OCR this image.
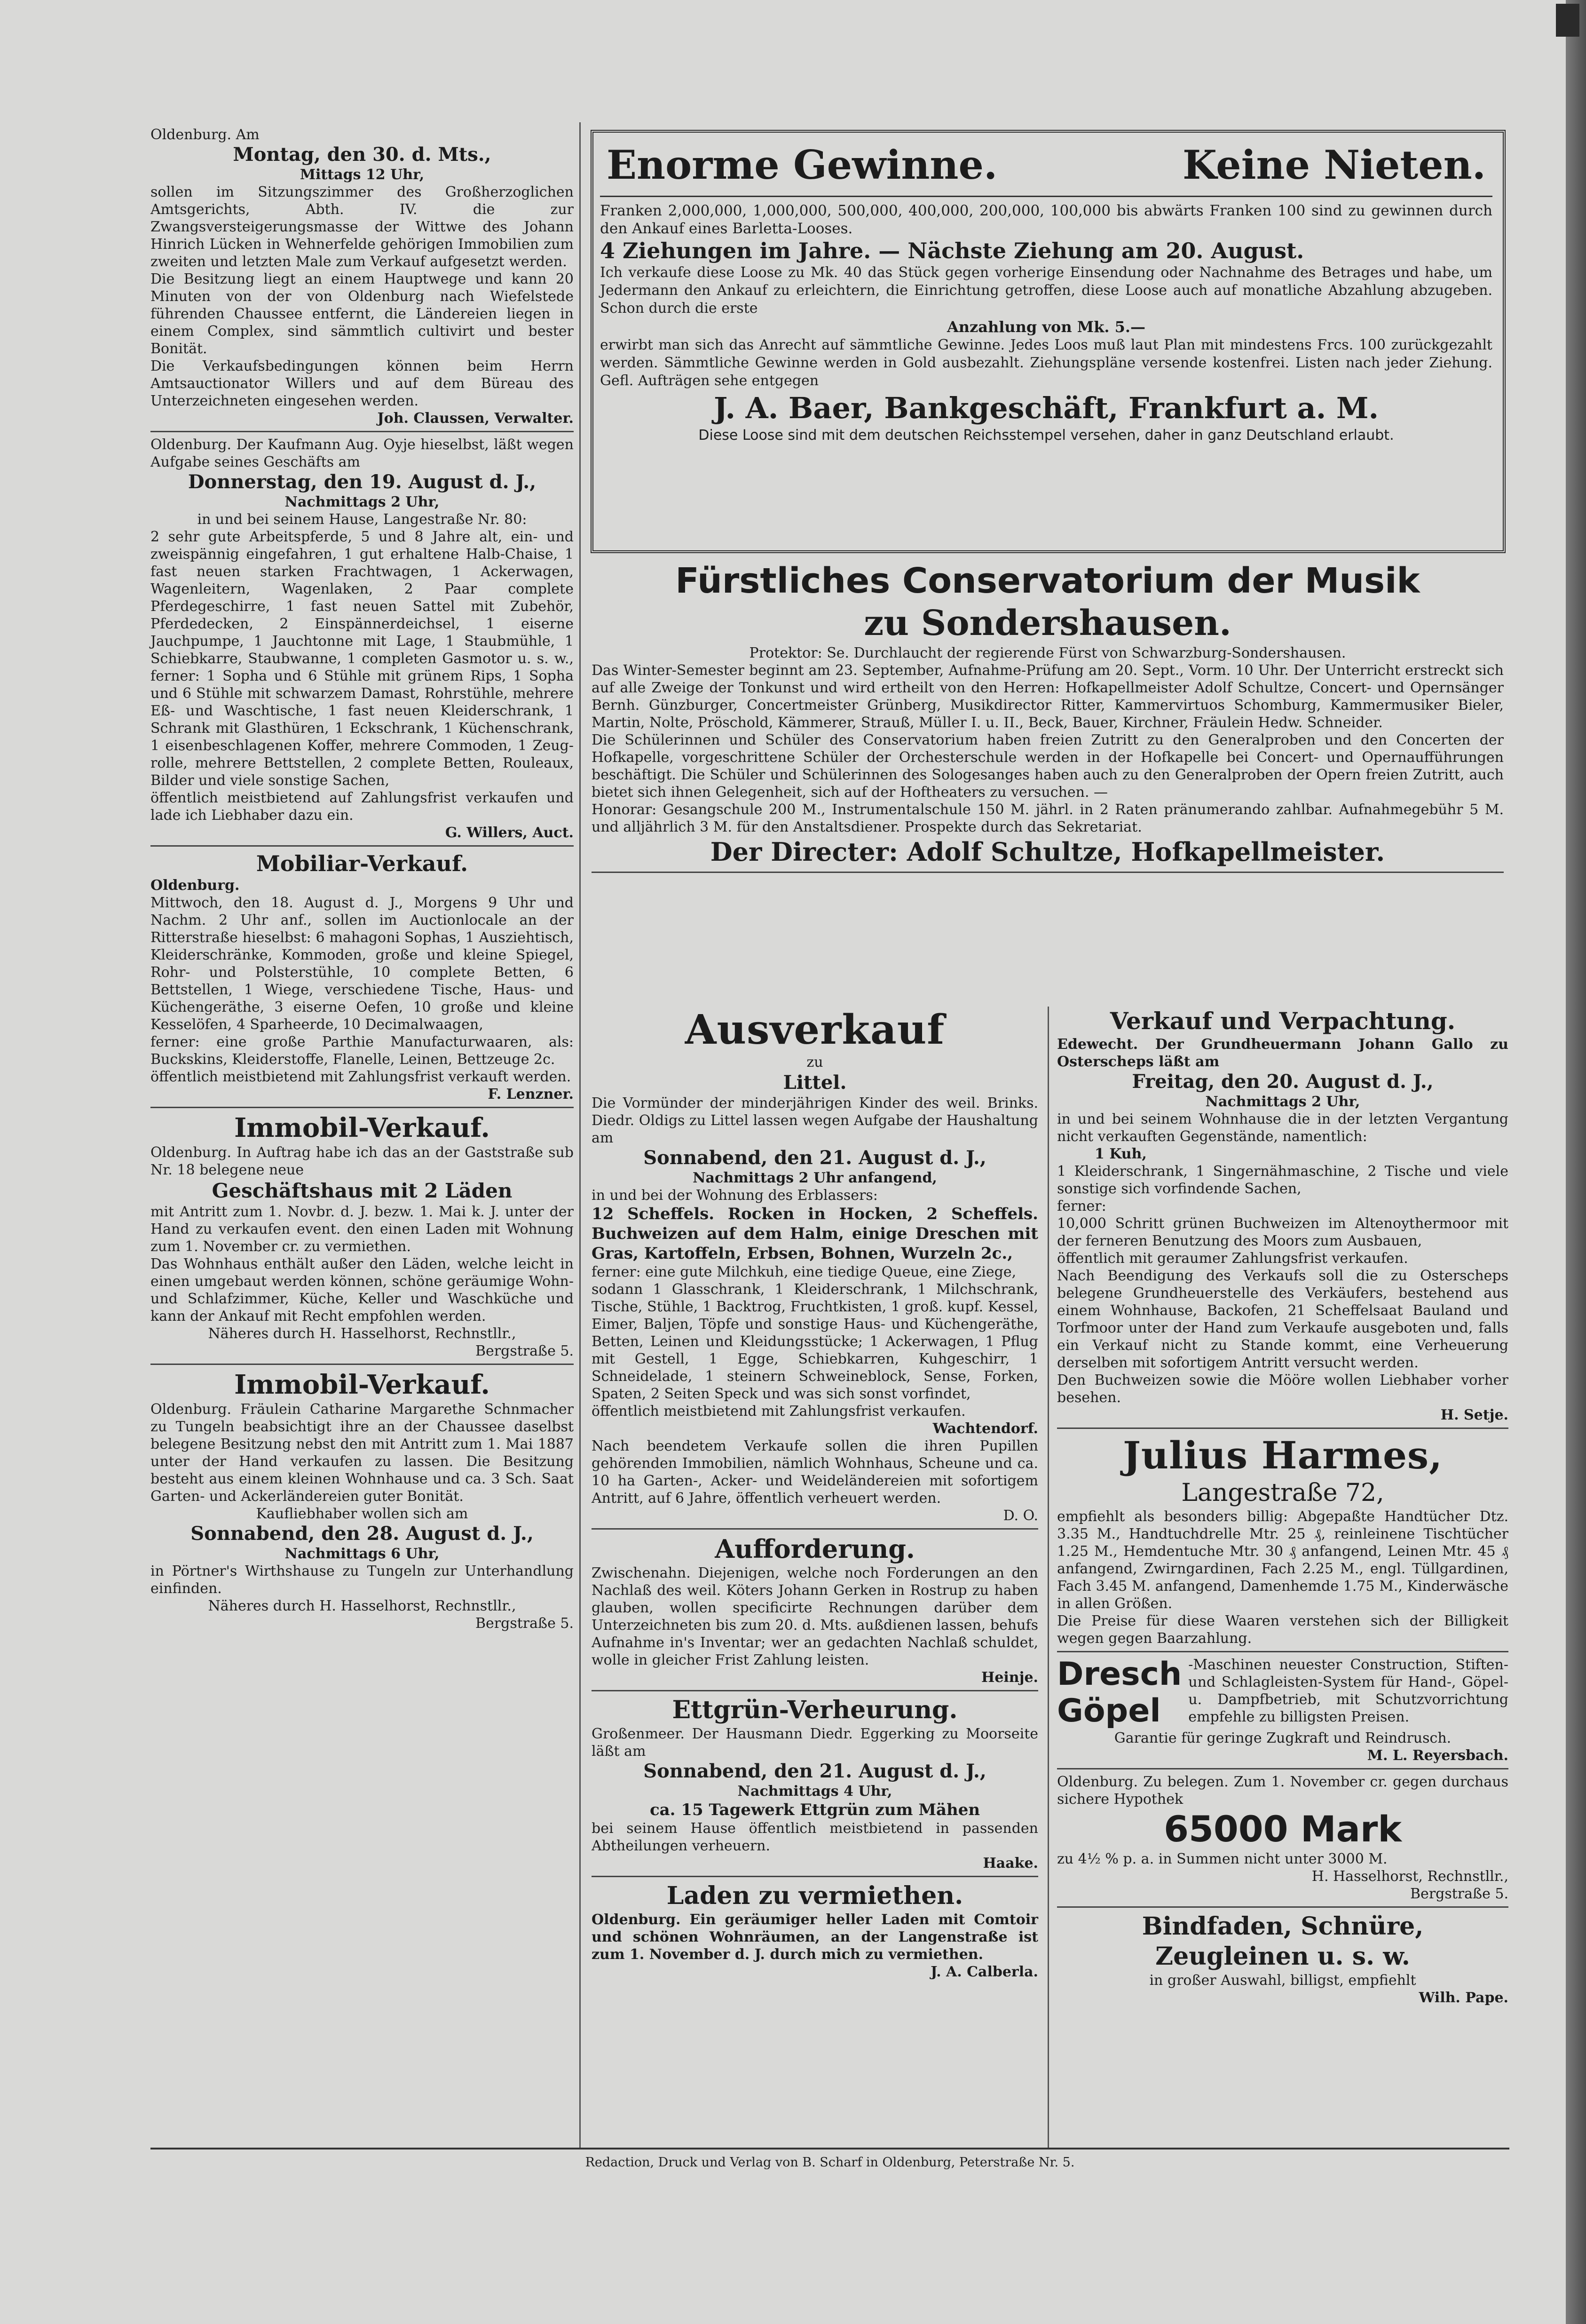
Oldenburg. Am

Montag, den 30. d. Mts.,

Mittags 12 Uhr,

sollen im Sitzungszimmer des Großherzoglichen Amtsgerichts, Abth. IV. die zur Zwangsversteigerungsmasse der Wittwe des Johann Hinrich Lücken in Wehnerfelde gehörigen Immobilien zum zweiten und letzten Male zum Verkauf aufgesetzt werden.

Die Besitzung liegt an einem Hauptwege und kann 20 Minuten von der von Oldenburg nach Wiefelstede führenden Chaussee entfernt, die Ländereien liegen in einem Complex, sind sämmtlich cultivirt und bester Bonität.

Die Verkaufsbedingungen können beim Herrn Amtsauctionator Willers und auf dem Büreau des Unterzeichneten eingesehen werden.

Joh. Claussen, Verwalter.

Oldenburg. Der Kaufmann Aug. Oyje hieselbst, läßt wegen Aufgabe seines Geschäfts am

Donnerstag, den 19. August d. J.,

Nachmittags 2 Uhr,

in und bei seinem Hause, Langestraße Nr. 80:

2 sehr gute Arbeitspferde, 5 und 8 Jahre alt, ein- und zweispännig eingefahren, 1 gut erhaltene Halb-Chaise, 1 fast neuen starken Frachtwagen, 1 Ackerwagen, Wagenleitern, Wagenlaken, 2 Paar complete Pferdegeschirre, 1 fast neuen Sattel mit Zubehör, Pferdedecken, 2 Einspännerdeichsel, 1 eiserne Jauchpumpe, 1 Jauchtonne mit Lage, 1 Staubmühle, 1 Schiebkarre, Staubwanne, 1 completen Gasmotor u. s. w., ferner: 1 Sopha und 6 Stühle mit grünem Rips, 1 Sopha und 6 Stühle mit schwarzem Damast, Rohrstühle, mehrere Eß- und Waschtische, 1 fast neuen Kleiderschrank, 1 Schrank mit Glasthüren, 1 Eckschrank, 1 Küchenschrank, 1 eisenbeschlagenen Koffer, mehrere Commoden, 1 Zeugrolle, mehrere Bettstellen, 2 complete Betten, Rouleaux, Bilder und viele sonstige Sachen,

öffentlich meistbietend auf Zahlungsfrist verkaufen und lade ich Liebhaber dazu ein.

G. Willers, Auct.

Mobiliar-Verkauf.

Oldenburg.

Mittwoch, den 18. August d. J., Morgens 9 Uhr und Nachm. 2 Uhr anf., sollen im Auctionlocale an der Ritterstraße hieselbst: 6 mahagoni Sophas, 1 Ausziehtisch, Kleiderschränke, Kommoden, große und kleine Spiegel, Rohr- und Polsterstühle, 10 complete Betten, 6 Bettstellen, 1 Wiege, verschiedene Tische, Haus- und Küchengeräthe, 3 eiserne Oefen, 10 große und kleine Kesselöfen, 4 Sparheerde, 10 Decimalwaagen,

ferner: eine große Parthie Manufacturwaaren, als: Buckskins, Kleiderstoffe, Flanelle, Leinen, Bettzeuge 2c.

öffentlich meistbietend mit Zahlungsfrist verkauft werden.

F. Lenzner.

Immobil-Verkauf.

Oldenburg. In Auftrag habe ich das an der Gaststraße sub Nr. 18 belegene neue

Geschäftshaus mit 2 Läden

mit Antritt zum 1. Novbr. d. J. bezw. 1. Mai k. J. unter der Hand zu verkaufen event. den einen Laden mit Wohnung zum 1. November cr. zu vermiethen.

Das Wohnhaus enthält außer den Läden, welche leicht in einen umgebaut werden können, schöne geräumige Wohn- und Schlafzimmer, Küche, Keller und Waschküche und kann der Ankauf mit Recht empfohlen werden.

Näheres durch H. Hasselhorst, Rechnstllr.,

Bergstraße 5.

Immobil-Verkauf.

Oldenburg. Fräulein Catharine Margarethe Schnmacher zu Tungeln beabsichtigt ihre an der Chaussee daselbst belegene Besitzung nebst den mit Antritt zum 1. Mai 1887 unter der Hand verkaufen zu lassen. Die Besitzung besteht aus einem kleinen Wohnhause und ca. 3 Sch. Saat Garten- und Ackerländereien guter Bonität.

Kaufliebhaber wollen sich am

Sonnabend, den 28. August d. J.,

Nachmittags 6 Uhr,

in Pörtner's Wirthshause zu Tungeln zur Unterhandlung einfinden.

Näheres durch H. Hasselhorst, Rechnstllr.,

Bergstraße 5.

Enorme Gewinne.	Keine Nieten.

Franken 2,000,000, 1,000,000, 500,000, 400,000, 200,000, 100,000 bis abwärts Franken 100 sind zu gewinnen durch den Ankauf eines Barletta-Looses.

4 Ziehungen im Jahre. — Nächste Ziehung am 20. August.

Ich verkaufe diese Loose zu Mk. 40 das Stück gegen vorherige Einsendung oder Nachnahme des Betrages und habe, um Jedermann den Ankauf zu erleichtern, die Einrichtung getroffen, diese Loose auch auf monatliche Abzahlung abzugeben. Schon durch die erste

Anzahlung von Mk. 5.—

erwirbt man sich das Anrecht auf sämmtliche Gewinne. Jedes Loos muß laut Plan mit mindestens Frcs. 100 zurückgezahlt werden. Sämmtliche Gewinne werden in Gold ausbezahlt. Ziehungspläne versende kostenfrei. Listen nach jeder Ziehung. Gefl. Aufträgen sehe entgegen

J. A. Baer, Bankgeschäft, Frankfurt a. M.

Diese Loose sind mit dem deutschen Reichsstempel versehen, daher in ganz Deutschland erlaubt.

Fürstliches Conservatorium der Musik

zu Sondershausen.

Protektor: Se. Durchlaucht der regierende Fürst von Schwarzburg-Sondershausen.

Das Winter-Semester beginnt am 23. September, Aufnahme-Prüfung am 20. Sept., Vorm. 10 Uhr. Der Unterricht erstreckt sich auf alle Zweige der Tonkunst und wird ertheilt von den Herren: Hofkapellmeister Adolf Schultze, Concert- und Opernsänger Bernh. Günzburger, Concertmeister Grünberg, Musikdirector Ritter, Kammervirtuos Schomburg, Kammermusiker Bieler, Martin, Nolte, Pröschold, Kämmerer, Strauß, Müller I. u. II., Beck, Bauer, Kirchner, Fräulein Hedw. Schneider.

Die Schülerinnen und Schüler des Conservatorium haben freien Zutritt zu den Generalproben und den Concerten der Hofkapelle, vorgeschrittene Schüler der Orchesterschule werden in der Hofkapelle bei Concert- und Opernaufführungen beschäftigt. Die Schüler und Schülerinnen des Sologesanges haben auch zu den Generalproben der Opern freien Zutritt, auch bietet sich ihnen Gelegenheit, sich auf der Hoftheaters zu versuchen. —

Honorar: Gesangschule 200 M., Instrumentalschule 150 M. jährl. in 2 Raten pränumerando zahlbar. Aufnahmegebühr 5 M. und alljährlich 3 M. für den Anstaltsdiener. Prospekte durch das Sekretariat.

Der Directer: Adolf Schultze, Hofkapellmeister.

Ausverkauf

zu

Littel.

Die Vormünder der minderjährigen Kinder des weil. Brinks. Diedr. Oldigs zu Littel lassen wegen Aufgabe der Haushaltung am

Sonnabend, den 21. August d. J.,

Nachmittags 2 Uhr anfangend,

in und bei der Wohnung des Erblassers:

12 Scheffels. Rocken in Hocken, 2 Scheffels. Buchweizen auf dem Halm, einige Dreschen mit Gras, Kartoffeln, Erbsen, Bohnen, Wurzeln 2c.,

ferner: eine gute Milchkuh, eine tiedige Queue, eine Ziege,

sodann 1 Glasschrank, 1 Kleiderschrank, 1 Milchschrank, Tische, Stühle, 1 Backtrog, Fruchtkisten, 1 groß. kupf. Kessel, Eimer, Baljen, Töpfe und sonstige Haus- und Küchengeräthe, Betten, Leinen und Kleidungsstücke; 1 Ackerwagen, 1 Pflug mit Gestell, 1 Egge, Schiebkarren, Kuhgeschirr, 1 Schneidelade, 1 steinern Schweineblock, Sense, Forken, Spaten, 2 Seiten Speck und was sich sonst vorfindet,

öffentlich meistbietend mit Zahlungsfrist verkaufen.

Wachtendorf.

Nach beendetem Verkaufe sollen die ihren Pupillen gehörenden Immobilien, nämlich Wohnhaus, Scheune und ca. 10 ha Garten-, Acker- und Weideländereien mit sofortigem Antritt, auf 6 Jahre, öffentlich verheuert werden.

D. O.

Aufforderung.

Zwischenahn. Diejenigen, welche noch Forderungen an den Nachlaß des weil. Köters Johann Gerken in Rostrup zu haben glauben, wollen specificirte Rechnungen darüber dem Unterzeichneten bis zum 20. d. Mts. außdienen lassen, behufs Aufnahme in's Inventar; wer an gedachten Nachlaß schuldet, wolle in gleicher Frist Zahlung leisten.

Heinje.

Ettgrün-Verheurung.

Großenmeer. Der Hausmann Diedr. Eggerking zu Moorseite läßt am

Sonnabend, den 21. August d. J.,

Nachmittags 4 Uhr,

ca. 15 Tagewerk Ettgrün zum Mähen

bei seinem Hause öffentlich meistbietend in passenden Abtheilungen verheuern.

Haake.

Laden zu vermiethen.

Oldenburg. Ein geräumiger heller Laden mit Comtoir und schönen Wohnräumen, an der Langenstraße ist zum 1. November d. J. durch mich zu vermiethen.

J. A. Calberla.

Verkauf und Verpachtung.

Edewecht. Der Grundheuermann Johann Gallo zu Osterscheps läßt am

Freitag, den 20. August d. J.,

Nachmittags 2 Uhr,

in und bei seinem Wohnhause die in der letzten Vergantung nicht verkauften Gegenstände, namentlich:

1 Kuh,

1 Kleiderschrank, 1 Singernähmaschine, 2 Tische und viele sonstige sich vorfindende Sachen,

ferner:

10,000 Schritt grünen Buchweizen im Altenoythermoor mit der ferneren Benutzung des Moors zum Ausbauen,

öffentlich mit geraumer Zahlungsfrist verkaufen.

Nach Beendigung des Verkaufs soll die zu Osterscheps belegene Grundheuerstelle des Verkäufers, bestehend aus einem Wohnhause, Backofen, 21 Scheffelsaat Bauland und Torfmoor unter der Hand zum Verkaufe ausgeboten und, falls ein Verkauf nicht zu Stande kommt, eine Verheuerung derselben mit sofortigem Antritt versucht werden.

Den Buchweizen sowie die Mööre wollen Liebhaber vorher besehen.

H. Setje.

Julius Harmes,

Langestraße 72,

empfiehlt als besonders billig: Abgepaßte Handtücher Dtz. 3.35 M., Handtuchdrelle Mtr. 25 ₰, reinleinene Tischtücher 1.25 M., Hemdentuche Mtr. 30 ₰ anfangend, Leinen Mtr. 45 ₰ anfangend, Zwirngardinen, Fach 2.25 M., engl. Tüllgardinen, Fach 3.45 M. anfangend, Damenhemde 1.75 M., Kinderwäsche in allen Größen.

Die Preise für diese Waaren verstehen sich der Billigkeit wegen gegen Baarzahlung.

Dresch
Göpel

-Maschinen neuester Construction, Stiften- und Schlagleisten-System für Hand-, Göpel- u. Dampfbetrieb, mit Schutzvorrichtung empfehle zu billigsten Preisen.

Garantie für geringe Zugkraft und Reindrusch.

M. L. Reyersbach.

Oldenburg. Zu belegen. Zum 1. November cr. gegen durchaus sichere Hypothek

65000 Mark

zu 4½ % p. a. in Summen nicht unter 3000 M.

H. Hasselhorst, Rechnstllr.,

Bergstraße 5.

Bindfaden, Schnüre,

Zeugleinen u. s. w.

in großer Auswahl, billigst, empfiehlt

Wilh. Pape.

Redaction, Druck und Verlag von B. Scharf in Oldenburg, Peterstraße Nr. 5.
